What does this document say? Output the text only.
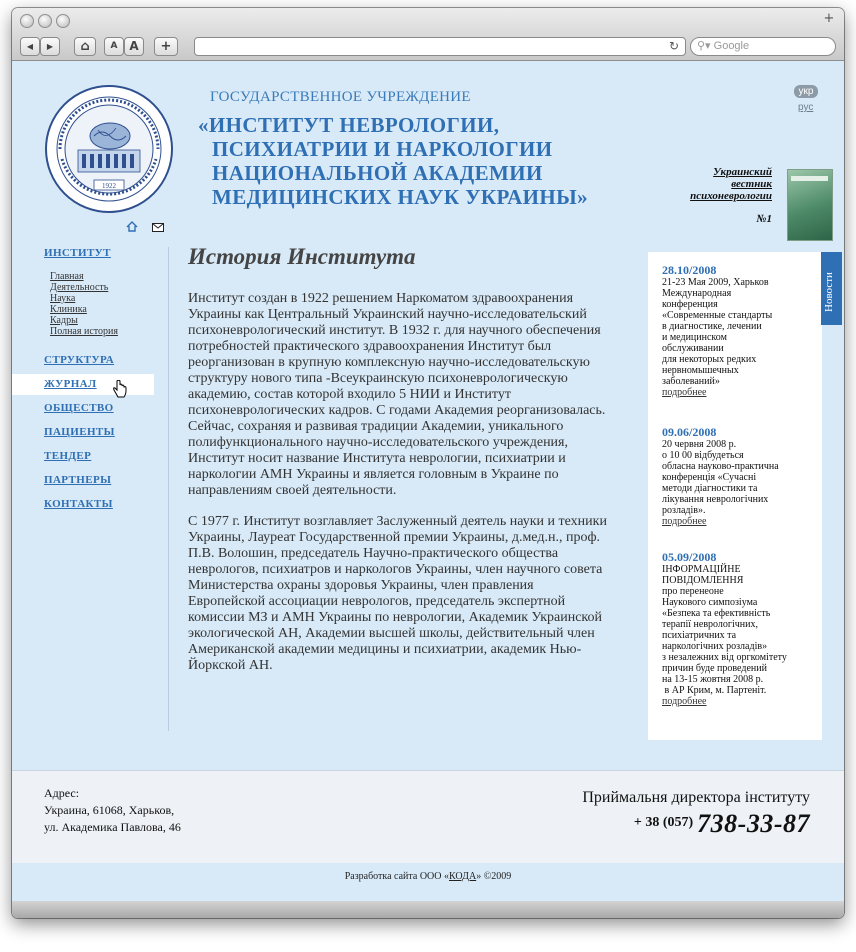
+
◀	▶	⌂	A A	+	↻	⚲▾ Google
1922
ГОСУДАРСТВЕННОЕ УЧРЕЖДЕНИЕ
«ИНСТИТУТ НЕВРОЛОГИИ,
ПСИХИАТРИИ И НАРКОЛОГИИ
НАЦИОНАЛЬНОЙ АКАДЕМИИ
МЕДИЦИНСКИХ НАУК УКРАИНЫ»
укр
рус
Украинский
вестник
психоневрологии
№1
ИНСТИТУТ
Главная
Деятельность
Наука
Клиника
Кадры
Полная история
СТРУКТУРА
ЖУРНАЛ
ОБЩЕСТВО
ПАЦИЕНТЫ
ТЕНДЕР
ПАРТНЕРЫ
КОНТАКТЫ
История Института

Институт создан в 1922 решением Наркоматом здравоохранения Украины как Центральный Украинский научно-исследовательский психоневрологический институт. В 1932 г. для научного обеспечения потребностей практического здравоохранения Институт был реорганизован в крупную комплексную научно-исследовательскую структуру нового типа -Всеукраинскую психоневрологическую академию, состав которой входило 5 НИИ и Институт психоневрологических кадров. С годами Академия реорганизовалась. Сейчас, сохраняя и развивая традиции Академии, уникального полифункционального научно-исследовательского учреждения, Институт носит название Института неврологии, психиатрии и наркологии АМН Украины и является головным в Украине по направлениям своей деятельности.

С 1977 г. Институт возглавляет Заслуженный деятель науки и техники Украины, Лауреат Государственной премии Украины, д.мед.н., проф. П.В. Волошин, председатель Научно-практического общества неврологов, психиатров и наркологов Украины, член научного совета Министерства охраны здоровья Украины, член правления Европейской ассоциации неврологов, председатель экспертной комиссии МЗ и АМН Украины по неврологии, Академик Украинской экологической АН, Академии высшей школы, действительный член Американской академии медицины и психиатрии, академик Нью-Йоркской АН.

Новости
28.10/2008
21-23 Мая 2009, Харьков
Международная
конференция
«Современные стандарты
в диагностике, лечении
и медицинском
обслуживании
для некоторых редких
нервномышечных
заболеваний»
подробнее
09.06/2008
20 червня 2008 р.
о 10 00 відбудеться
обласна науково-практична
конференція «Сучасні
методи діагностики та
лікування неврологічних
розладів».
подробнее
05.09/2008
ІНФОРМАЦІЙНЕ
ПОВІДОМЛЕННЯ
про перенеоне
Наукового симпозіума
«Безпека та ефективність
терапії неврологічних,
психіатричних та
наркологічних розладів»
з незалежних від оргкомітету
причин буде проведений
на 13-15 жовтня 2008 р.
в АР Крим, м. Партеніт.
подробнее
Адрес:
Украина, 61068, Харьков,
ул. Академика Павлова, 46
Приймальня директора інституту
+ 38 (057) 738-33-87
Разработка сайта ООО «КОДА» ©2009
